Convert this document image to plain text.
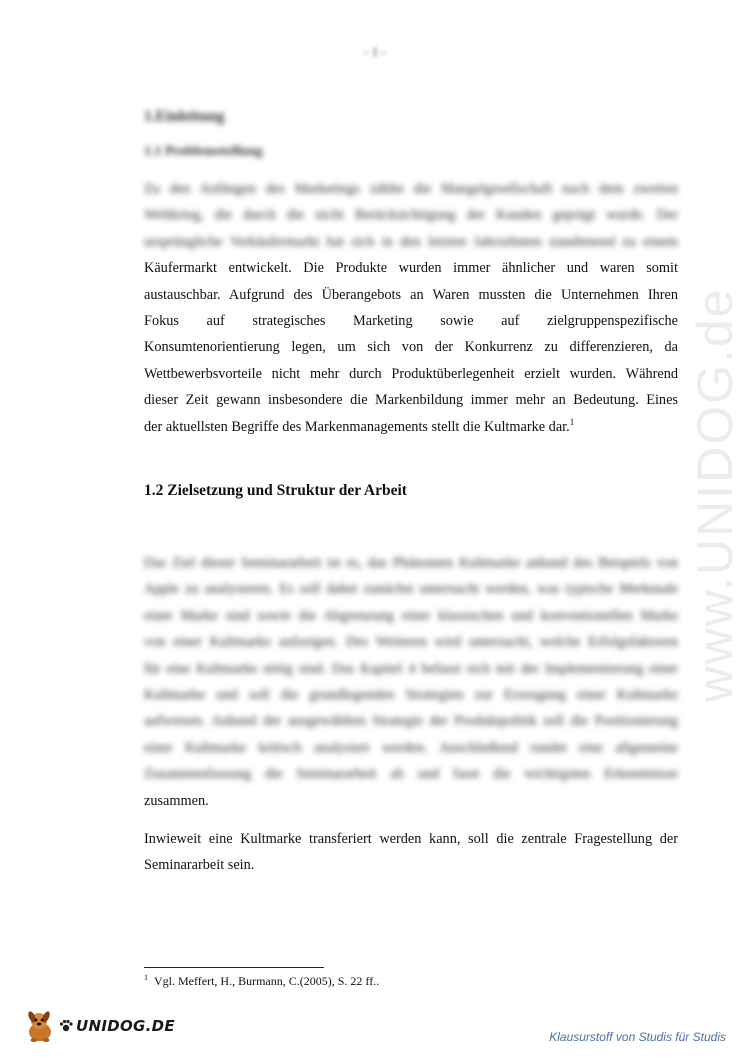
www.UNIDOG.de
- 1 -
1.Einleitung
1.1 Problemstellung
Zu den Anfängen des Marketings zählte die Mangelgesellschaft nach dem zweiten
Weltkrieg, die durch die nicht Berücksichtigung der Kunden geprägt wurde. Der
ursprüngliche Verkäufermarkt hat sich in den letzten Jahrzehnten zunehmend zu einem
Käufermarkt entwickelt. Die Produkte wurden immer ähnlicher und waren somit
austauschbar. Aufgrund des Überangebots an Waren mussten die Unternehmen Ihren
Fokus auf strategisches Marketing sowie auf zielgruppenspezifische
Konsumtenorientierung legen, um sich von der Konkurrenz zu differenzieren, da
Wettbewerbsvorteile nicht mehr durch Produktüberlegenheit erzielt wurden. Während
dieser Zeit gewann insbesondere die Markenbildung immer mehr an Bedeutung. Eines
der aktuellsten Begriffe des Markenmanagements stellt die Kultmarke dar.$^1$
1.2 Zielsetzung und Struktur der Arbeit
Das Ziel dieser Seminararbeit ist es, das Phänomen Kultmarke anhand des Beispiels von
Apple zu analysieren. Es soll dabei zunächst untersucht werden, was typische Merkmale
einer Marke sind sowie die Abgrenzung einer klassischen und konventionellen Marke
von einer Kultmarke aufzeigen. Des Weiteren wird untersucht, welche Erfolgsfaktoren
für eine Kultmarke nötig sind. Das Kapitel 4 befasst sich mit der Implementierung einer
Kultmarke und soll die grundlegenden Strategien zur Erzeugung einer Kultmarke
aufweisen. Anhand der ausgewählten Strategie der Produktpolitik soll die Positionierung
einer Kultmarke kritisch analysiert werden. Anschließend rundet eine allgemeine
Zusammenfassung die Seminararbeit ab und fasst die wichtigsten Erkenntnisse
zusammen.
Inwieweit eine Kultmarke transferiert werden kann, soll die zentrale Fragestellung der
Seminararbeit sein.
$^1$ Vgl. Meffert, H., Burmann, C.(2005), S. 22 ff..
UNIDOG.DE
Klausurstoff von Studis für Studis
